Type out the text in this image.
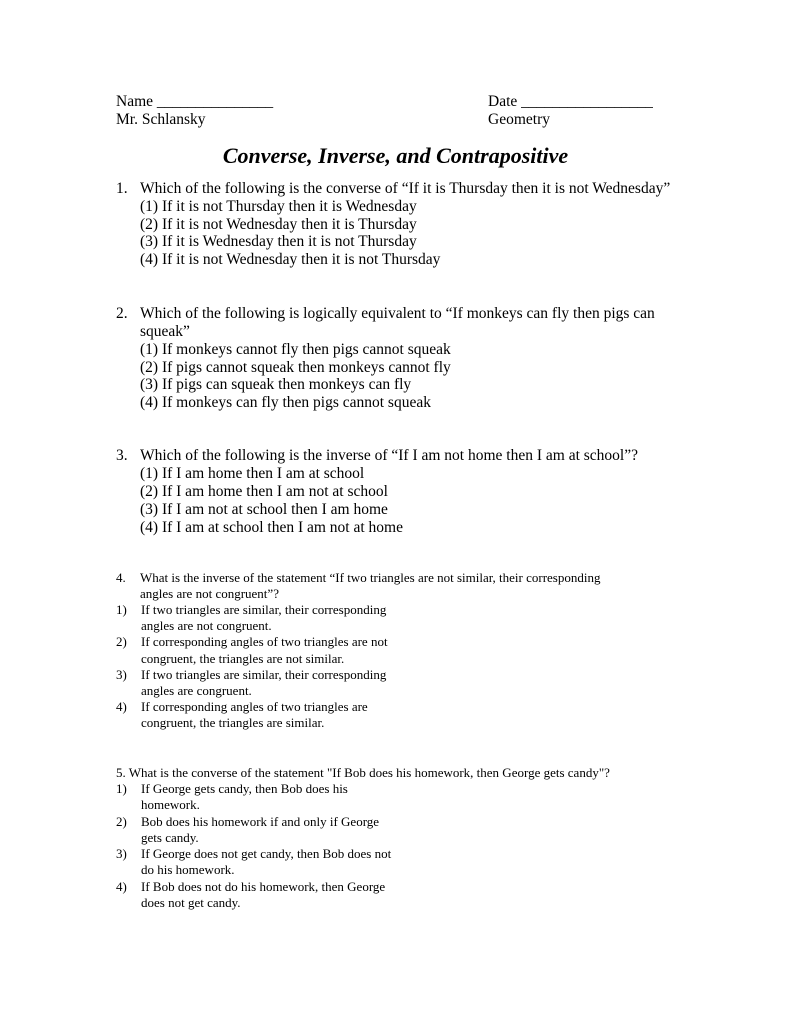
Name _______________
Mr. Schlansky
Date _________________
Geometry
Converse, Inverse, and Contrapositive
1. Which of the following is the converse of “If it is Thursday then it is not Wednesday”
(1) If it is not Thursday then it is Wednesday
(2) If it is not Wednesday then it is Thursday
(3) If it is Wednesday then it is not Thursday
(4) If it is not Wednesday then it is not Thursday
2. Which of the following is logically equivalent to “If monkeys can fly then pigs can
squeak”
(1) If monkeys cannot fly then pigs cannot squeak
(2) If pigs cannot squeak then monkeys cannot fly
(3) If pigs can squeak then monkeys can fly
(4) If monkeys can fly then pigs cannot squeak
3. Which of the following is the inverse of “If I am not home then I am at school”?
(1) If I am home then I am at school
(2) If I am home then I am not at school
(3) If I am not at school then I am home
(4) If I am at school then I am not at home
4. What is the inverse of the statement “If two triangles are not similar, their corresponding
angles are not congruent”?
1) If two triangles are similar, their corresponding
angles are not congruent.
2) If corresponding angles of two triangles are not
congruent, the triangles are not similar.
3) If two triangles are similar, their corresponding
angles are congruent.
4) If corresponding angles of two triangles are
congruent, the triangles are similar.
5. What is the converse of the statement "If Bob does his homework, then George gets candy"?
1) If George gets candy, then Bob does his
homework.
2) Bob does his homework if and only if George
gets candy.
3) If George does not get candy, then Bob does not
do his homework.
4) If Bob does not do his homework, then George
does not get candy.
